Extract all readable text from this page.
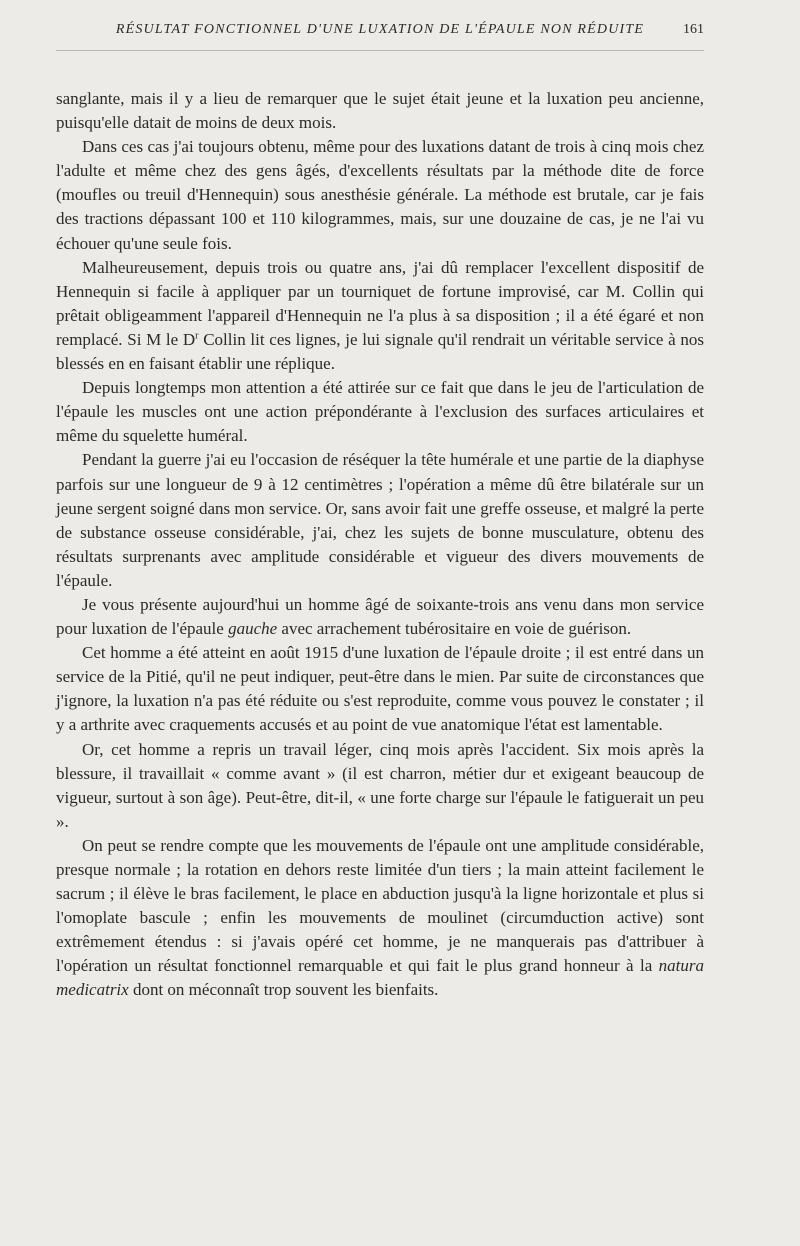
RÉSULTAT FONCTIONNEL D'UNE LUXATION DE L'ÉPAULE NON RÉDUITE	161

sanglante, mais il y a lieu de remarquer que le sujet était jeune et la luxation peu ancienne, puisqu'elle datait de moins de deux mois.

Dans ces cas j'ai toujours obtenu, même pour des luxations datant de trois à cinq mois chez l'adulte et même chez des gens âgés, d'excellents résultats par la méthode dite de force (moufles ou treuil d'Hennequin) sous anesthésie générale. La méthode est brutale, car je fais des tractions dépassant 100 et 110 kilogrammes, mais, sur une douzaine de cas, je ne l'ai vu échouer qu'une seule fois.

Malheureusement, depuis trois ou quatre ans, j'ai dû remplacer l'excellent dispositif de Hennequin si facile à appliquer par un tourniquet de fortune improvisé, car M. Collin qui prêtait obligeamment l'appareil d'Hennequin ne l'a plus à sa disposition ; il a été égaré et non remplacé. Si M le $D^r$ Collin lit ces lignes, je lui signale qu'il rendrait un véritable service à nos blessés en en faisant établir une réplique.

Depuis longtemps mon attention a été attirée sur ce fait que dans le jeu de l'articulation de l'épaule les muscles ont une action prépondérante à l'exclusion des surfaces articulaires et même du squelette huméral.

Pendant la guerre j'ai eu l'occasion de réséquer la tête humérale et une partie de la diaphyse parfois sur une longueur de 9 à 12 centimètres ; l'opération a même dû être bilatérale sur un jeune sergent soigné dans mon service. Or, sans avoir fait une greffe osseuse, et malgré la perte de substance osseuse considérable, j'ai, chez les sujets de bonne musculature, obtenu des résultats surprenants avec amplitude considérable et vigueur des divers mouvements de l'épaule.

Je vous présente aujourd'hui un homme âgé de soixante-trois ans venu dans mon service pour luxation de l'épaule gauche avec arrachement tubérositaire en voie de guérison.

Cet homme a été atteint en août 1915 d'une luxation de l'épaule droite ; il est entré dans un service de la Pitié, qu'il ne peut indiquer, peut-être dans le mien. Par suite de circonstances que j'ignore, la luxation n'a pas été réduite ou s'est reproduite, comme vous pouvez le constater ; il y a arthrite avec craquements accusés et au point de vue anatomique l'état est lamentable.

Or, cet homme a repris un travail léger, cinq mois après l'accident. Six mois après la blessure, il travaillait « comme avant » (il est charron, métier dur et exigeant beaucoup de vigueur, surtout à son âge). Peut-être, dit-il, « une forte charge sur l'épaule le fatiguerait un peu ».

On peut se rendre compte que les mouvements de l'épaule ont une amplitude considérable, presque normale ; la rotation en dehors reste limitée d'un tiers ; la main atteint facilement le sacrum ; il élève le bras facilement, le place en abduction jusqu'à la ligne horizontale et plus si l'omoplate bascule ; enfin les mouvements de moulinet (circumduction active) sont extrêmement étendus : si j'avais opéré cet homme, je ne manquerais pas d'attribuer à l'opération un résultat fonctionnel remarquable et qui fait le plus grand honneur à la natura medicatrix dont on méconnaît trop souvent les bienfaits.
